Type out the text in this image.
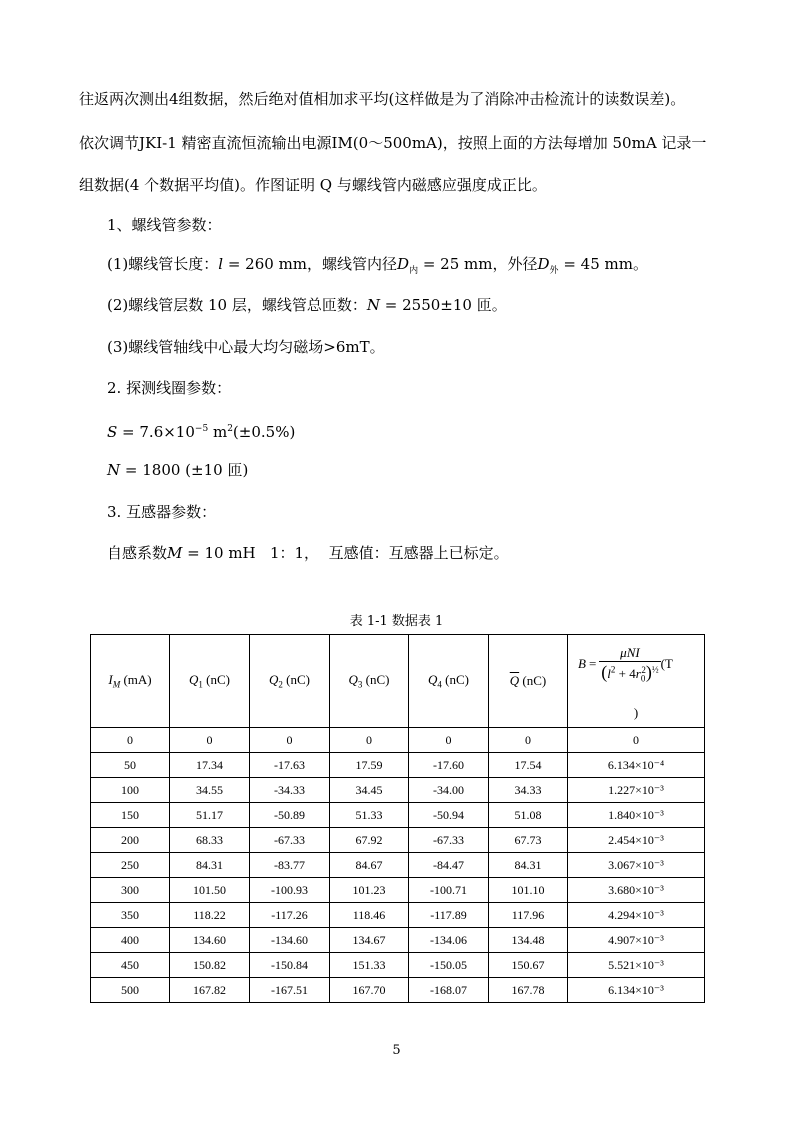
往返两次测出4组数据，然后绝对值相加求平均(这样做是为了消除冲击检流计的读数误差)。
依次调节JKI-1 精密直流恒流输出电源IM(0～500mA)，按照上面的方法每增加 50mA 记录一
组数据(4 个数据平均值)。作图证明 Q 与螺线管内磁感应强度成正比。
1、螺线管参数：
(1)螺线管长度：l = 260 mm，螺线管内径$D_内 = 25$ mm，外径$D_外 = 45$ mm。
(2)螺线管层数 10 层，螺线管总匝数：N = 2550±10 匝。
(3)螺线管轴线中心最大均匀磁场>6mT。
2. 探测线圈参数：
$S = 7.6\times 10^{-5}$ $m^2(\pm 0.5\%)$
N = 1800 (±10 匝)
3. 互感器参数：
自感系数M = 10 mH   1：1，  互感值：互感器上已标定。
表 1-1 数据表 1
$I_M$ (mA)	$Q_1$ (nC)	$Q_2$ (nC)	$Q_3$ (nC)	$Q_4$ (nC)	$\overline{Q}$ (nC)	$B = \frac{\text{μNI}}{(l^2 + 4r_0^2)^{\frac{1}{2}}} (T$
)

0	0	0	0	0	0	0
50	17.34	-17.63	17.59	-17.60	17.54	6.134×10⁻⁴
100	34.55	-34.33	34.45	-34.00	34.33	1.227×10⁻³
150	51.17	-50.89	51.33	-50.94	51.08	1.840×10⁻³
200	68.33	-67.33	67.92	-67.33	67.73	2.454×10⁻³
250	84.31	-83.77	84.67	-84.47	84.31	3.067×10⁻³
300	101.50	-100.93	101.23	-100.71	101.10	3.680×10⁻³
350	118.22	-117.26	118.46	-117.89	117.96	4.294×10⁻³
400	134.60	-134.60	134.67	-134.06	134.48	4.907×10⁻³
450	150.82	-150.84	151.33	-150.05	150.67	5.521×10⁻³
500	167.82	-167.51	167.70	-168.07	167.78	6.134×10⁻³
5
